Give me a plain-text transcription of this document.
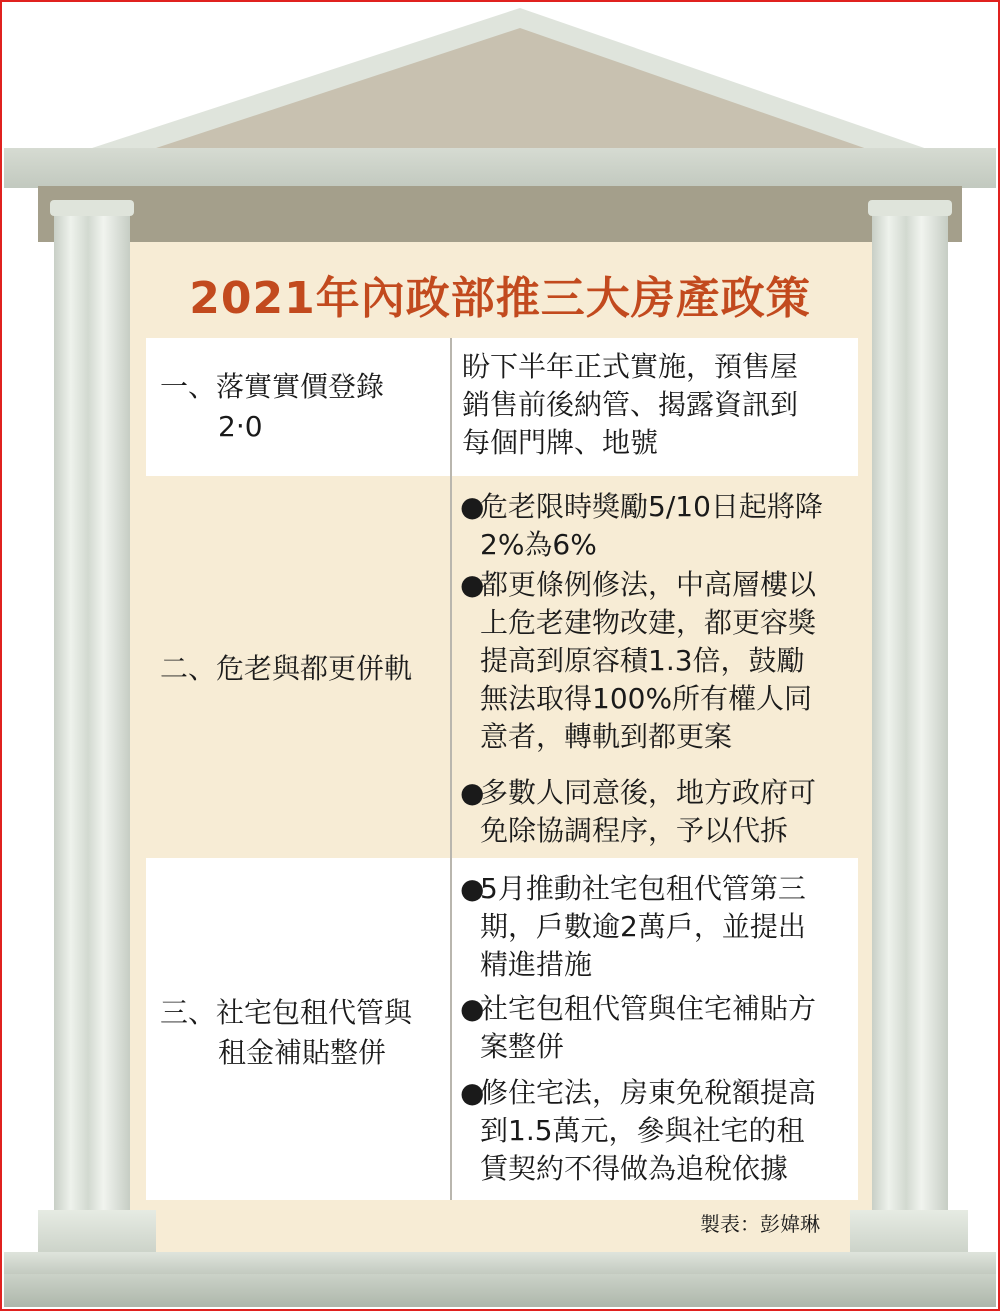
2021年內政部推三大房產政策
一、落實實價登錄
2‧0
盼下半年正式實施，預售屋
銷售前後納管、揭露資訊到
每個門牌、地號
二、危老與都更併軌
●
危老限時獎勵5/10日起將降
2%為6%
●
都更條例修法，中高層樓以
上危老建物改建，都更容獎
提高到原容積1.3倍，鼓勵
無法取得100%所有權人同
意者，轉軌到都更案
●
多數人同意後，地方政府可
免除協調程序，予以代拆
三、社宅包租代管與
租金補貼整併
●
5月推動社宅包租代管第三
期，戶數逾2萬戶，並提出
精進措施
●
社宅包租代管與住宅補貼方
案整併
●
修住宅法，房東免稅額提高
到1.5萬元，參與社宅的租
賃契約不得做為追稅依據
製表：彭媁琳
